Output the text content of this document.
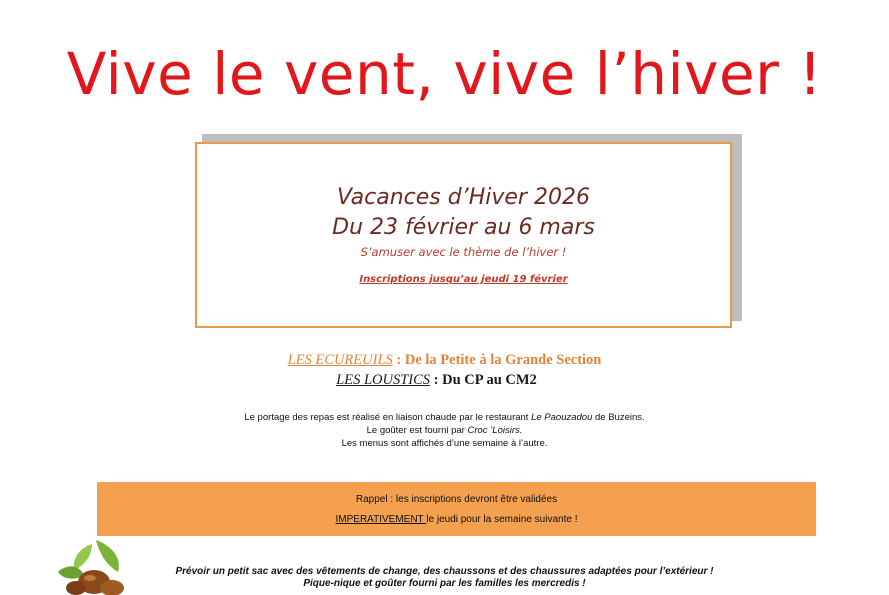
Vive le vent, vive l’hiver !
Vacances d’Hiver 2026
Du 23 février au 6 mars
S’amuser avec le thème de l’hiver !
Inscriptions jusqu’au jeudi 19 février
LES ECUREUILS : De la Petite à la Grande Section
LES LOUSTICS : Du CP au CM2
Le portage des repas est réalisé en liaison chaude par le restaurant Le Paouzadou de Buzeins.
Le goûter est fourni par Croc ’Loisirs.
Les menus sont affichés d’une semaine à l’autre.
Rappel : les inscriptions devront être validées
IMPERATIVEMENT le jeudi pour la semaine suivante !
Prévoir un petit sac avec des vêtements de change, des chaussons et des chaussures adaptées pour l’extérieur !
Pique-nique et goûter fourni par les familles les mercredis !
